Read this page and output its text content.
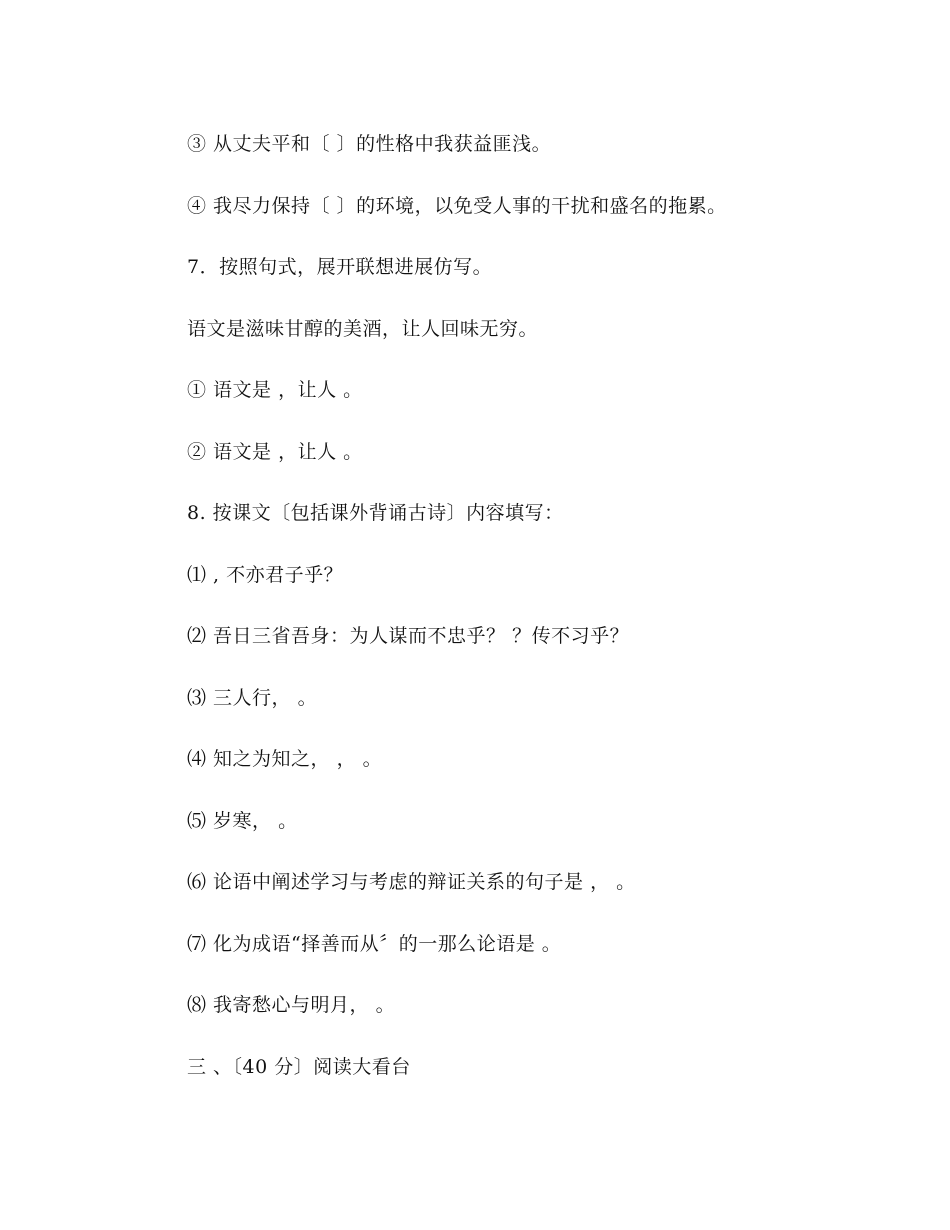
③ 从丈夫平和〔 〕的性格中我获益匪浅。
④ 我尽力保持〔 〕的环境，以免受人事的干扰和盛名的拖累。
7．按照句式，展开联想进展仿写。
语文是滋味甘醇的美酒，让人回味无穷。
① 语文是 ，让人 。
② 语文是 ，让人 。
8. 按课文〔包括课外背诵古诗〕内容填写：
⑴ , 不亦君子乎？
⑵ 吾日三省吾身：为人谋而不忠乎？ ？传不习乎？
⑶ 三人行， 。
⑷ 知之为知之， ， 。
⑸ 岁寒， 。
⑹ 论语中阐述学习与考虑的辩证关系的句子是 ， 。
⑺ 化为成语“择善而从〞的一那么论语是 。
⑻ 我寄愁心与明月， 。
三 、〔40 分〕阅读大看台
